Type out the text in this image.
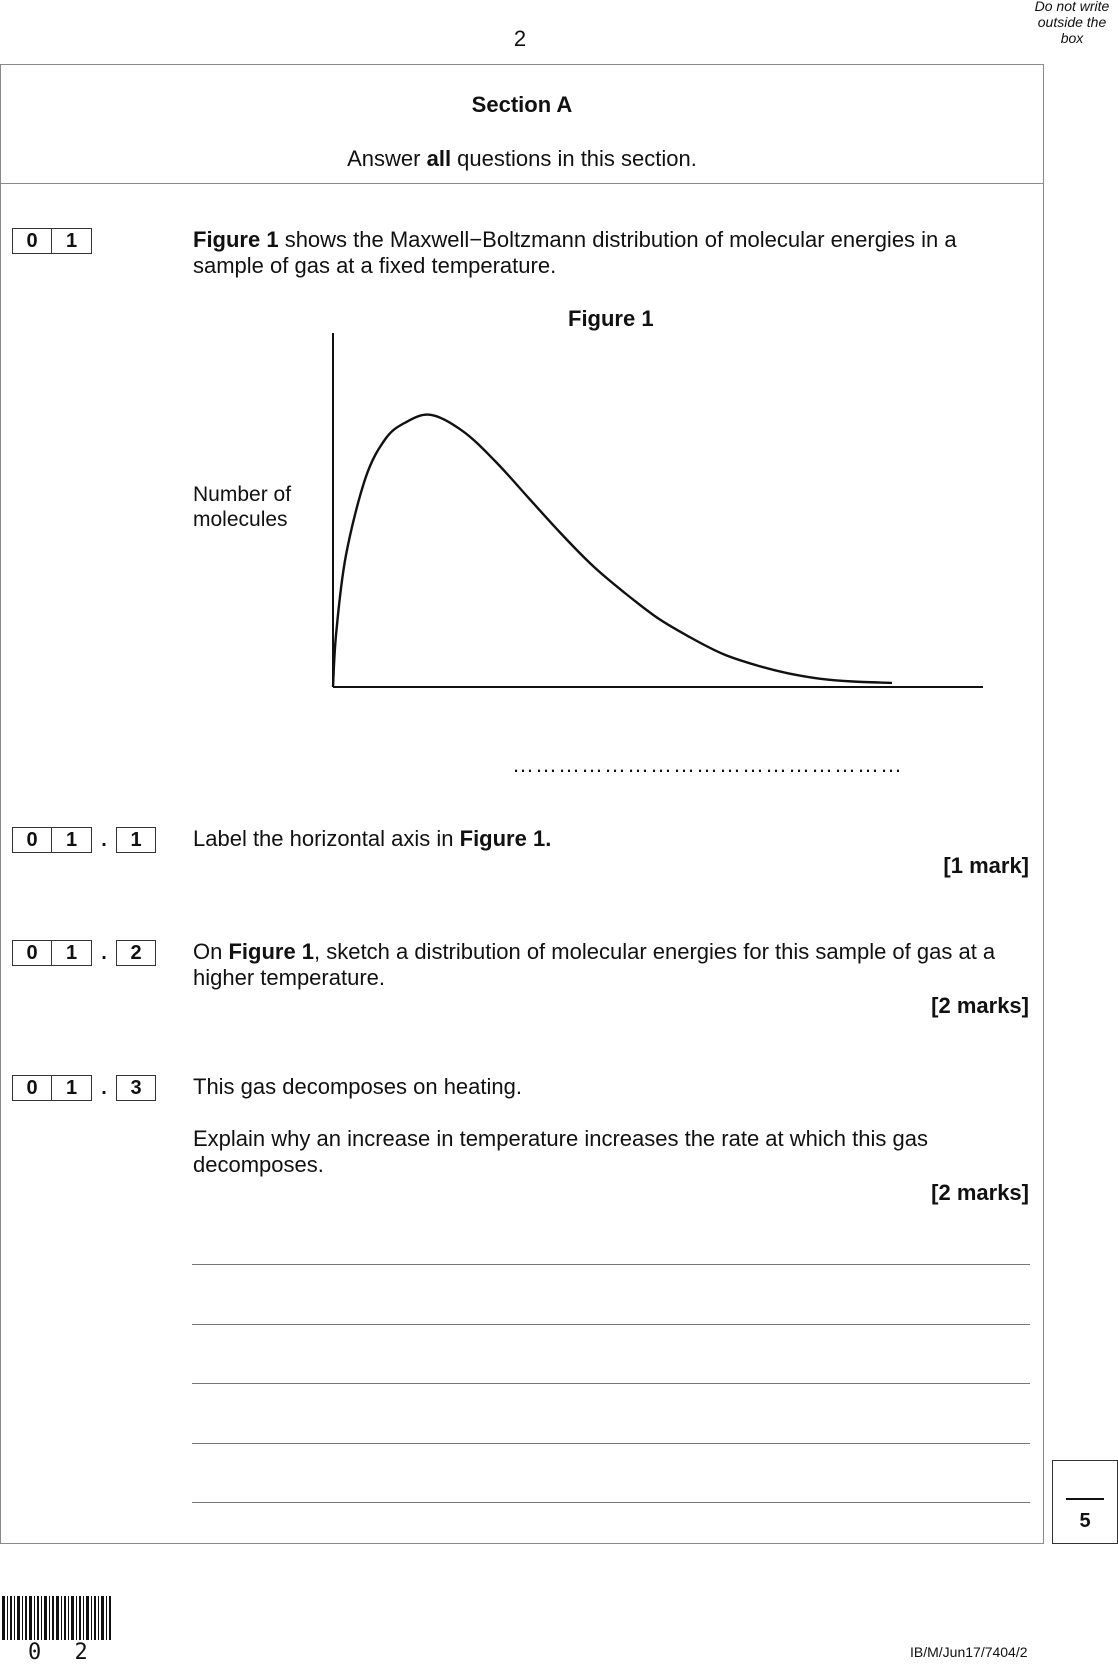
2
Do not write
outside the
box
Section A
Answer all questions in this section.
0	1	Figure 1 shows the Maxwell−Boltzmann distribution of molecular energies in a sample of gas at a fixed temperature.
Figure 1
Number of
molecules
……………………………………………
0	1	.	1	Label the horizontal axis in Figure 1.
[1 mark]
0	1	.	2	On Figure 1, sketch a distribution of molecular energies for this sample of gas at a higher temperature.
[2 marks]
0	1	.	3	This gas decomposes on heating.
Explain why an increase in temperature increases the rate at which this gas decomposes.
[2 marks]
5
0 2	IB/M/Jun17/7404/2
